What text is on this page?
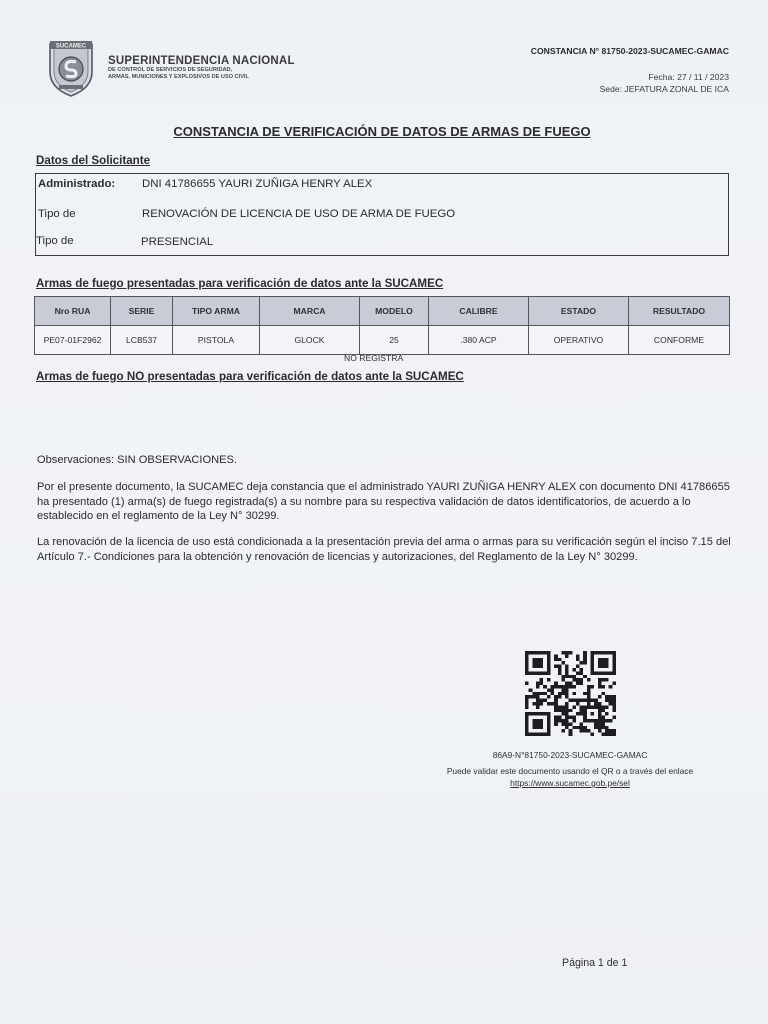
SUCAMEC
SUPERINTENDENCIA NACIONAL
DE CONTROL DE SERVICIOS DE SEGURIDAD,
ARMAS, MUNICIONES Y EXPLOSIVOS DE USO CIVIL
CONSTANCIA N° 81750-2023-SUCAMEC-GAMAC
Fecha: 27 / 11 / 2023
Sede: JEFATURA ZONAL DE ICA
CONSTANCIA DE VERIFICACIÓN DE DATOS DE ARMAS DE FUEGO
Datos del Solicitante
Administrado: DNI 41786655 YAURI ZUÑIGA HENRY ALEX
Tipo de	RENOVACIÓN DE LICENCIA DE USO DE ARMA DE FUEGO
Tipo de	PRESENCIAL
Armas de fuego presentadas para verificación de datos ante la SUCAMEC
Nro RUA	SERIE	TIPO ARMA	MARCA	MODELO	CALIBRE	ESTADO	RESULTADO
PE07-01F2962	LCB537	PISTOLA	GLOCK	25	.380 ACP	OPERATIVO	CONFORME
NO REGISTRA
Armas de fuego NO presentadas para verificación de datos ante la SUCAMEC
Observaciones: SIN OBSERVACIONES.
Por el presente documento, la SUCAMEC deja constancia que el administrado YAURI ZUÑIGA HENRY ALEX con documento DNI 41786655 ha presentado (1) arma(s) de fuego registrada(s) a su nombre para su respectiva validación de datos identificatorios, de acuerdo a lo establecido en el reglamento de la Ley N° 30299.
La renovación de la licencia de uso está condicionada a la presentación previa del arma o armas para su verificación según el inciso 7.15 del Artículo 7.- Condiciones para la obtención y renovación de licencias y autorizaciones, del Reglamento de la Ley N° 30299.
86A9-N°81750-2023-SUCAMEC-GAMAC
Puede validar este documento usando el QR o a través del enlace
https://www.sucamec.gob.pe/sel
Página 1 de 1
